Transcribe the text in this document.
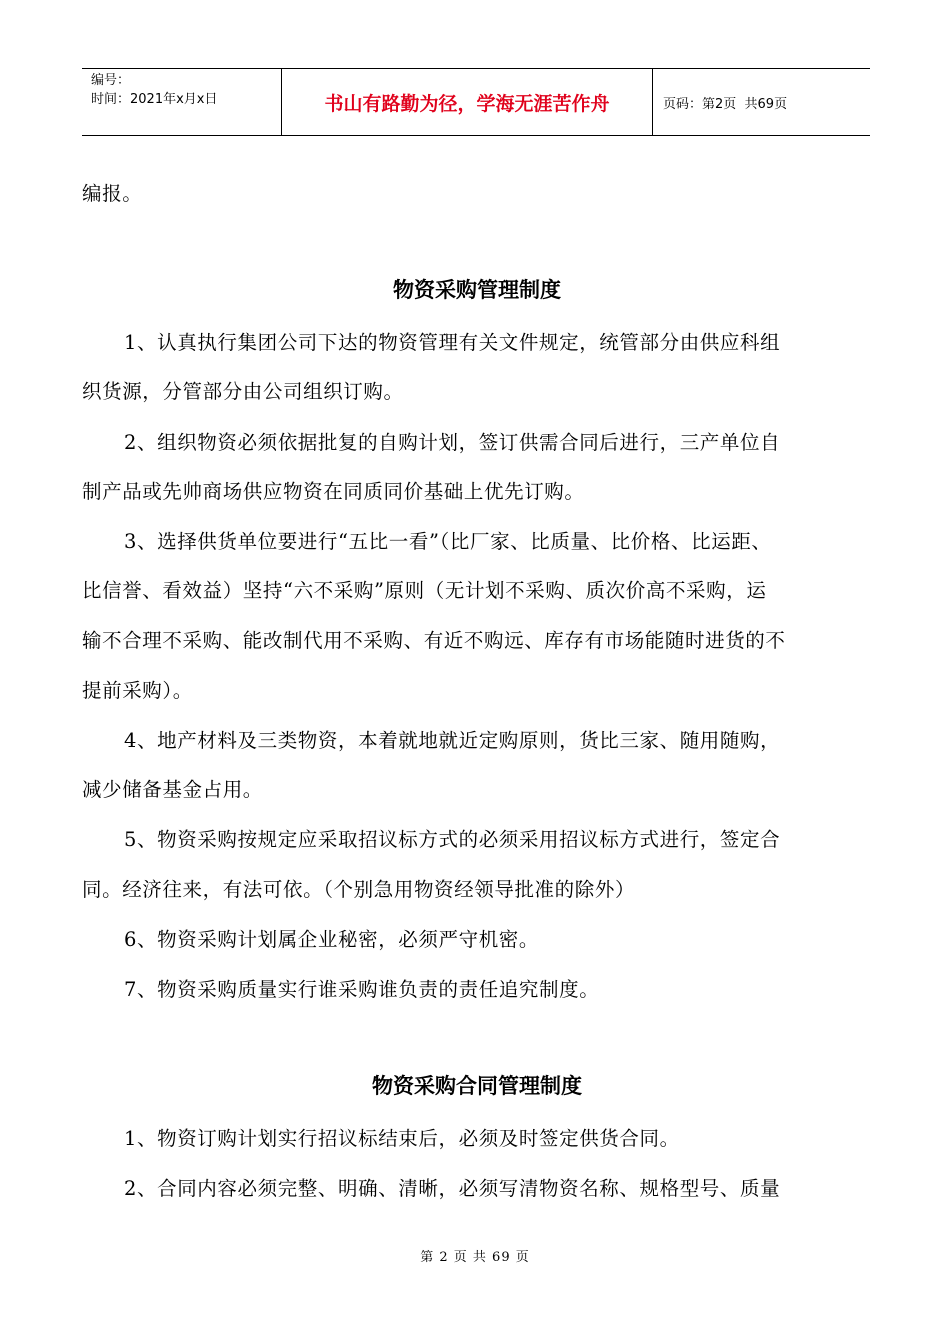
编号：
时间：2021年x月x日	书山有路勤为径，学海无涯苦作舟	页码：第2页  共69页
编报。
物资采购管理制度
1、认真执行集团公司下达的物资管理有关文件规定，统管部分由供应科组
织货源，分管部分由公司组织订购。
2、组织物资必须依据批复的自购计划，签订供需合同后进行，三产单位自
制产品或先帅商场供应物资在同质同价基础上优先订购。
3、选择供货单位要进行“五比一看”（比厂家、比质量、比价格、比运距、
比信誉、看效益）坚持“六不采购”原则（无计划不采购、质次价高不采购，运
输不合理不采购、能改制代用不采购、有近不购远、库存有市场能随时进货的不
提前采购）。
4、地产材料及三类物资，本着就地就近定购原则，货比三家、随用随购，
减少储备基金占用。
5、物资采购按规定应采取招议标方式的必须采用招议标方式进行，签定合
同。经济往来，有法可依。（个别急用物资经领导批准的除外）
6、物资采购计划属企业秘密，必须严守机密。
7、物资采购质量实行谁采购谁负责的责任追究制度。
物资采购合同管理制度
1、物资订购计划实行招议标结束后，必须及时签定供货合同。
2、合同内容必须完整、明确、清晰，必须写清物资名称、规格型号、质量
第 2 页 共 69 页
